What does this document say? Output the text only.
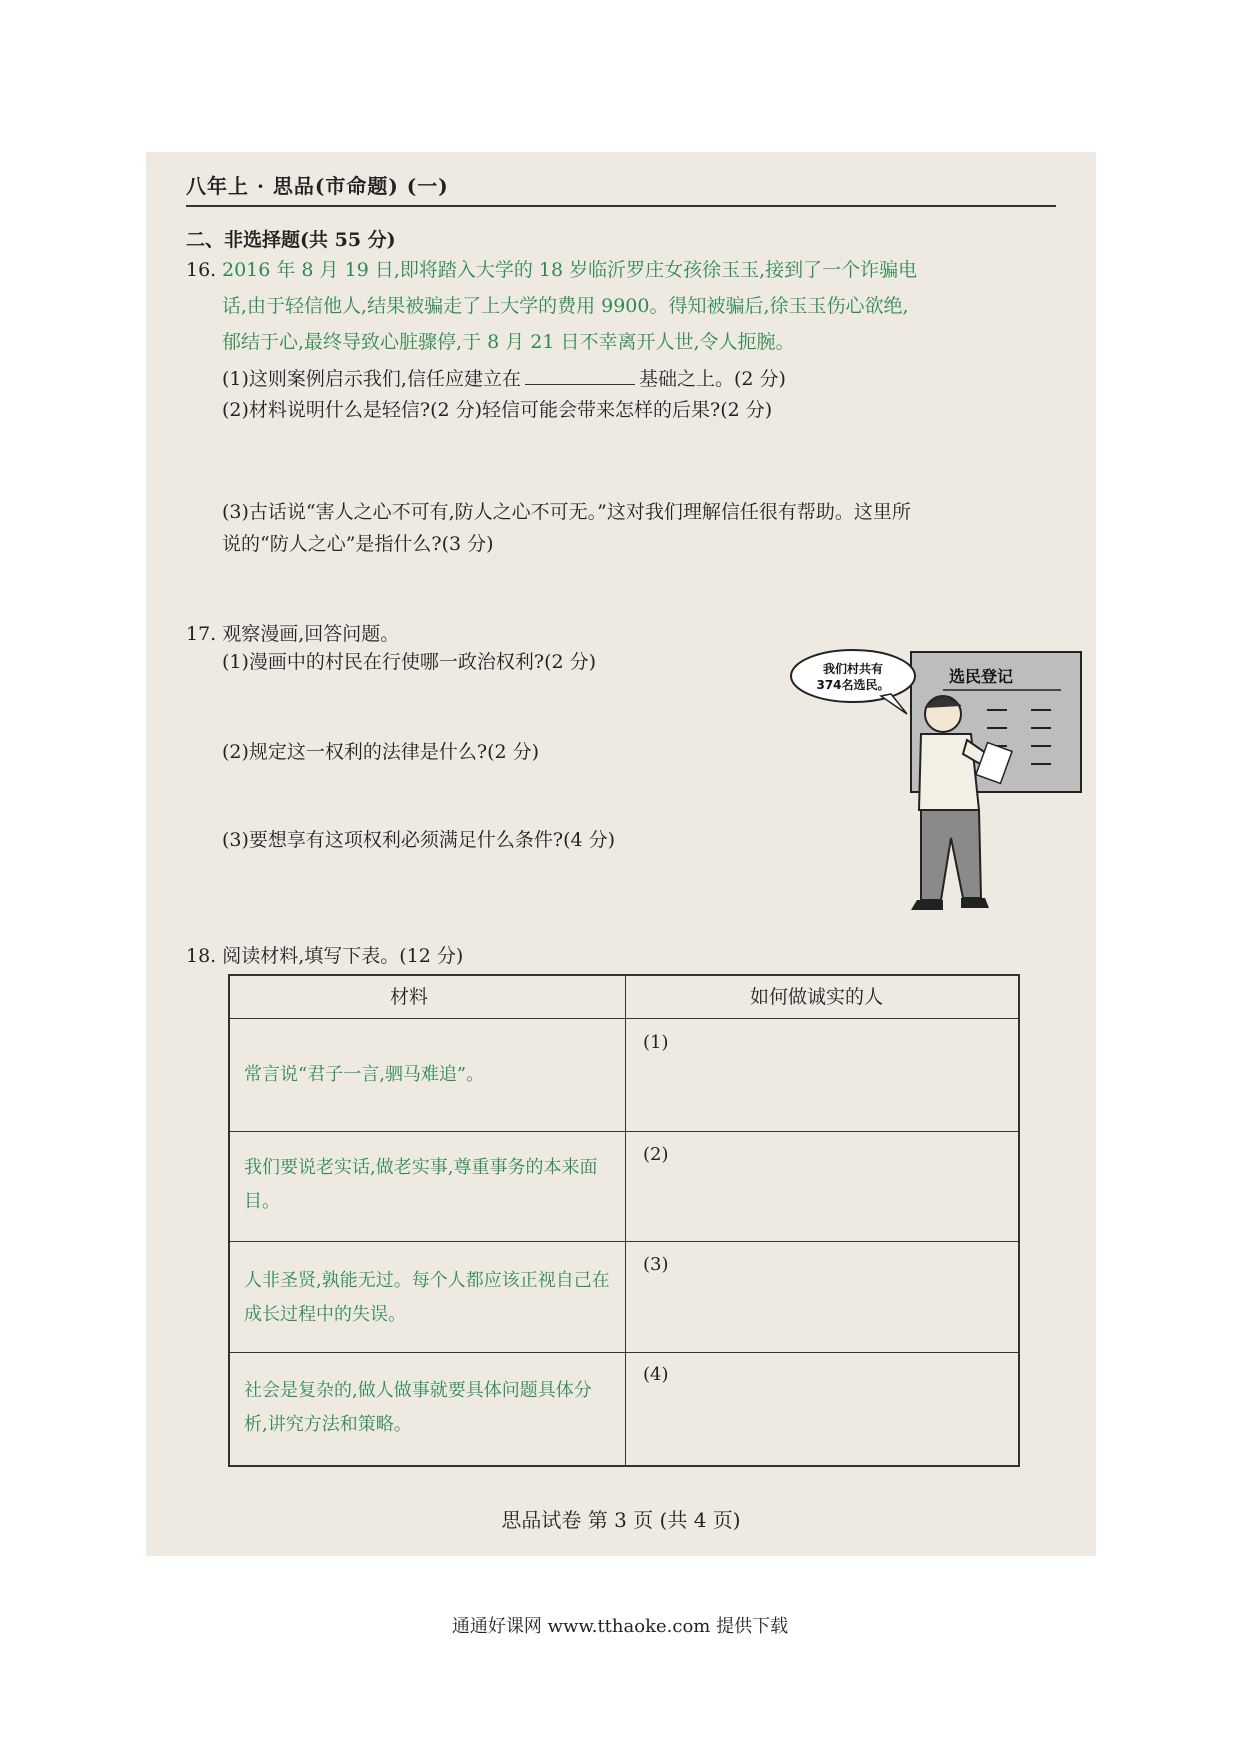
八年上 · 思品(市命题) (一)
二、非选择题(共 55 分)
16. 2016 年 8 月 19 日,即将踏入大学的 18 岁临沂罗庄女孩徐玉玉,接到了一个诈骗电
话,由于轻信他人,结果被骗走了上大学的费用 9900。得知被骗后,徐玉玉伤心欲绝,
郁结于心,最终导致心脏骤停,于 8 月 21 日不幸离开人世,令人扼腕。
(1)这则案例启示我们,信任应建立在	基础之上。(2 分)
(2)材料说明什么是轻信?(2 分)轻信可能会带来怎样的后果?(2 分)
(3)古话说“害人之心不可有,防人之心不可无。”这对我们理解信任很有帮助。这里所
说的“防人之心”是指什么?(3 分)
17. 观察漫画,回答问题。
(1)漫画中的村民在行使哪一政治权利?(2 分)
(2)规定这一权利的法律是什么?(2 分)
(3)要想享有这项权利必须满足什么条件?(4 分)
选民登记
我们村共有
374名选民。
18. 阅读材料,填写下表。(12 分)
材料	如何做诚实的人
常言说“君子一言,驷马难追”。
(1)
我们要说老实话,做老实事,尊重事务的本来面目。
(2)
人非圣贤,孰能无过。每个人都应该正视自己在成长过程中的失误。
(3)
社会是复杂的,做人做事就要具体问题具体分析,讲究方法和策略。
(4)
思品试卷 第 3 页 (共 4 页)
通通好课网 www.tthaoke.com 提供下载
